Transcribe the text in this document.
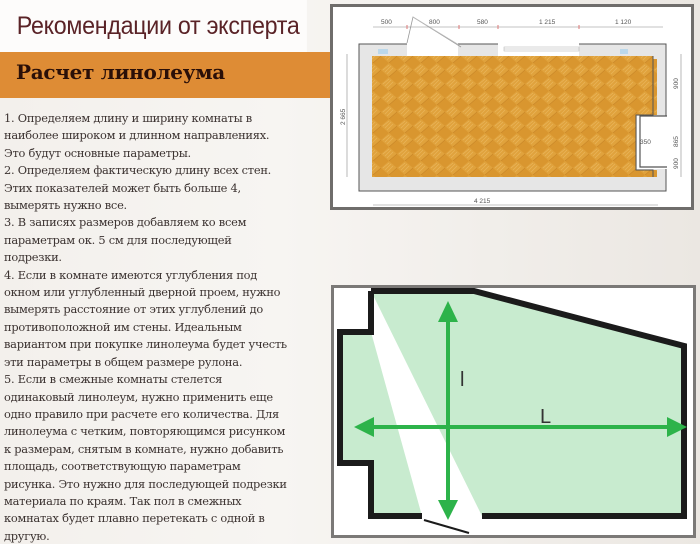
Рекомендации от эксперта
Расчет линолеума

1. Определяем длину и ширину комнаты в

наиболее широком и длинном направлениях.

Это будут основные параметры.

2. Определяем фактическую длину всех стен.

Этих показателей может быть больше 4,

вымерять нужно все.

3. В записях размеров добавляем ко всем

параметрам ок. 5 см для последующей

подрезки.

4. Если в комнате имеются углубления под

окном или углубленный дверной проем, нужно

вымерять расстояние от этих углублений до

противоположной им стены. Идеальным

вариантом при покупке линолеума будет учесть

эти параметры в общем размере рулона.

5. Если в смежные комнаты стелется

одинаковый линолеум, нужно применить еще

одно правило при расчете его количества. Для

линолеума с четким, повторяющимся рисунком

к размерам, снятым в комнате, нужно добавить

площадь, соответствующую параметрам

рисунка. Это нужно для последующей подрезки

материала по краям. Так пол в смежных

комнатах будет плавно перетекать с одной в

другую.

500	800	580	1 215	1 120
4 215
350
2 665
900
865
900
l
L
